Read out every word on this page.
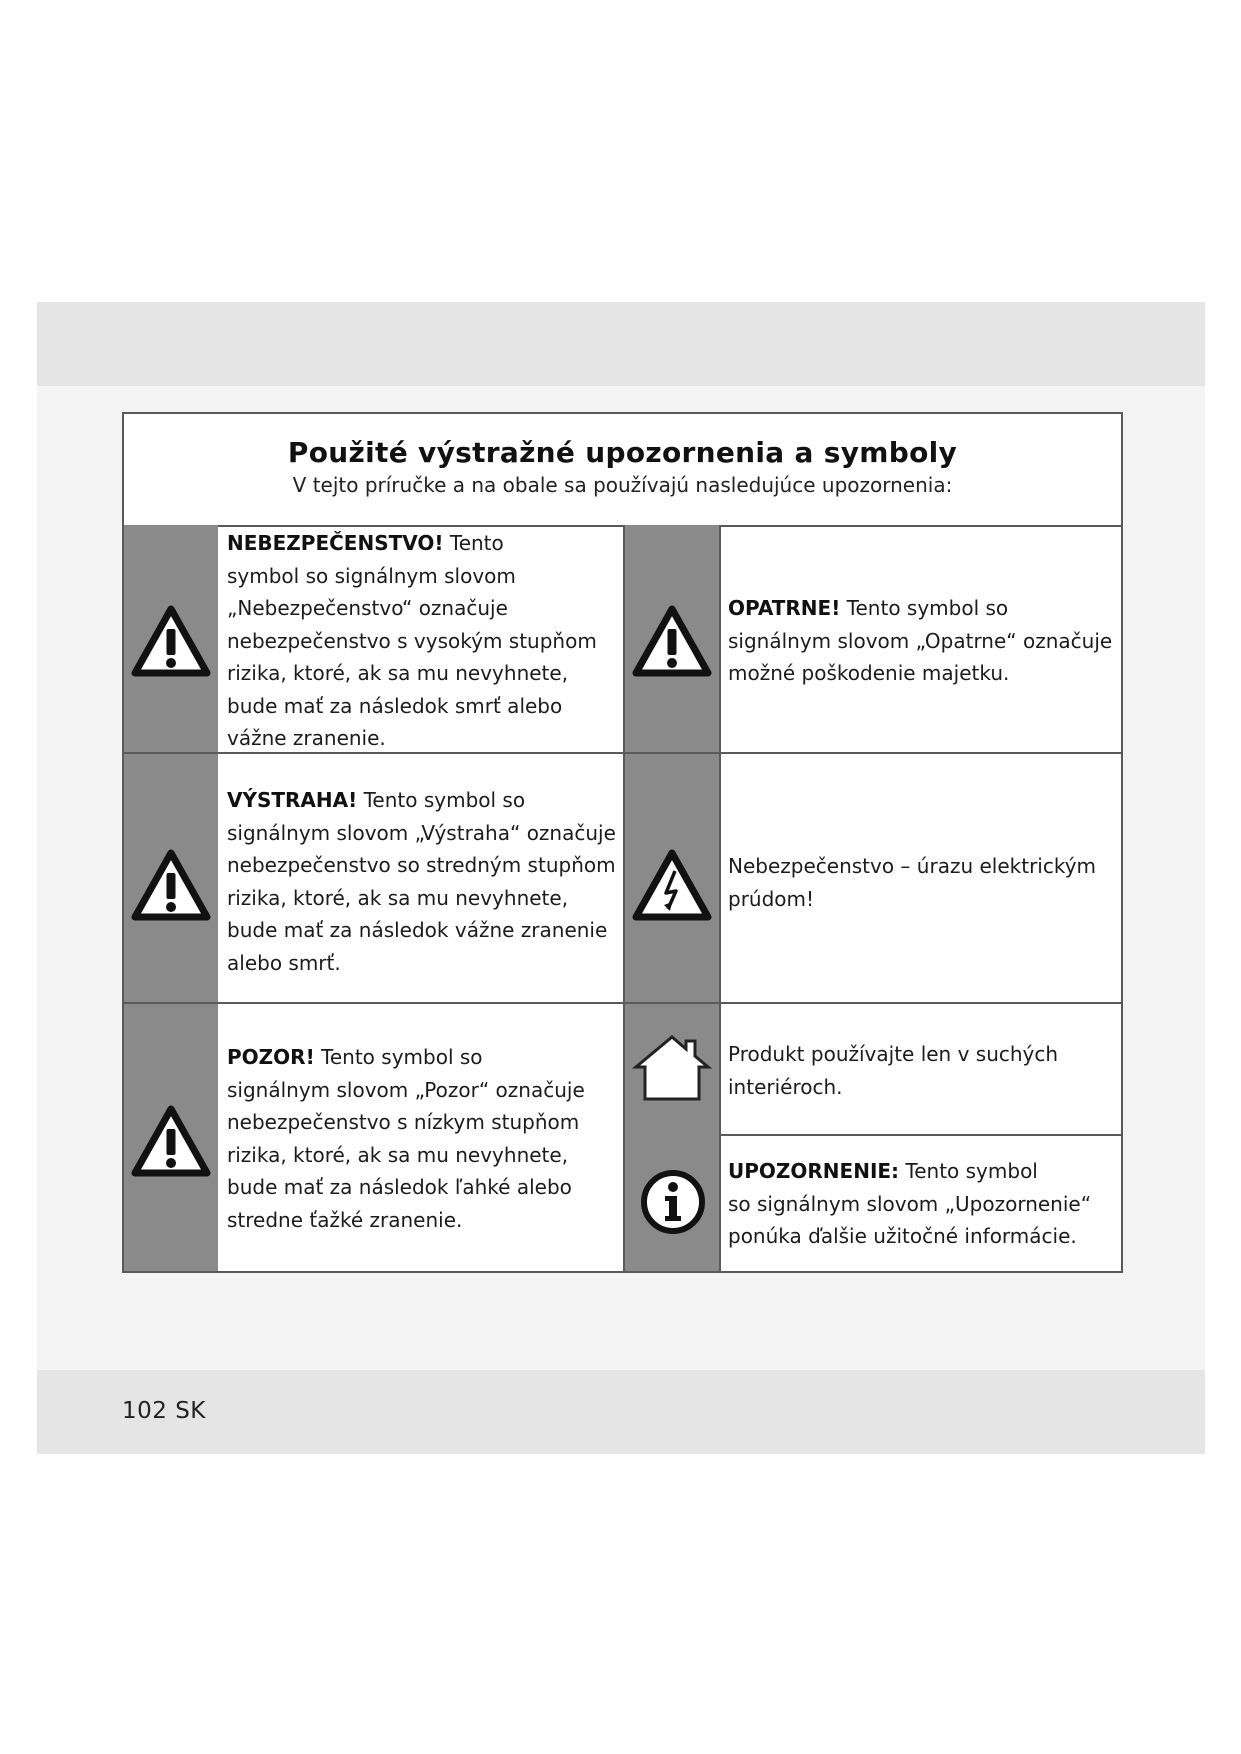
102 SK
Použité výstražné upozornenia a symboly

V tejto príručke a na obale sa používajú nasledujúce upozornenia:

NEBEZPEČENSTVO! Tento
symbol so signálnym slovom
„Nebezpečenstvo“ označuje
nebezpečenstvo s vysokým stupňom
rizika, ktoré, ak sa mu nevyhnete,
bude mať za následok smrť alebo
vážne zranenie.
OPATRNE! Tento symbol so
signálnym slovom „Opatrne“ označuje
možné poškodenie majetku.
VÝSTRAHA! Tento symbol so
signálnym slovom „Výstraha“ označuje
nebezpečenstvo so stredným stupňom
rizika, ktoré, ak sa mu nevyhnete,
bude mať za následok vážne zranenie
alebo smrť.
Nebezpečenstvo – úrazu elektrickým
prúdom!
POZOR! Tento symbol so
signálnym slovom „Pozor“ označuje
nebezpečenstvo s nízkym stupňom
rizika, ktoré, ak sa mu nevyhnete,
bude mať za následok ľahké alebo
stredne ťažké zranenie.
Produkt používajte len v suchých
interiéroch.
UPOZORNENIE: Tento symbol
so signálnym slovom „Upozornenie“
ponúka ďalšie užitočné informácie.
